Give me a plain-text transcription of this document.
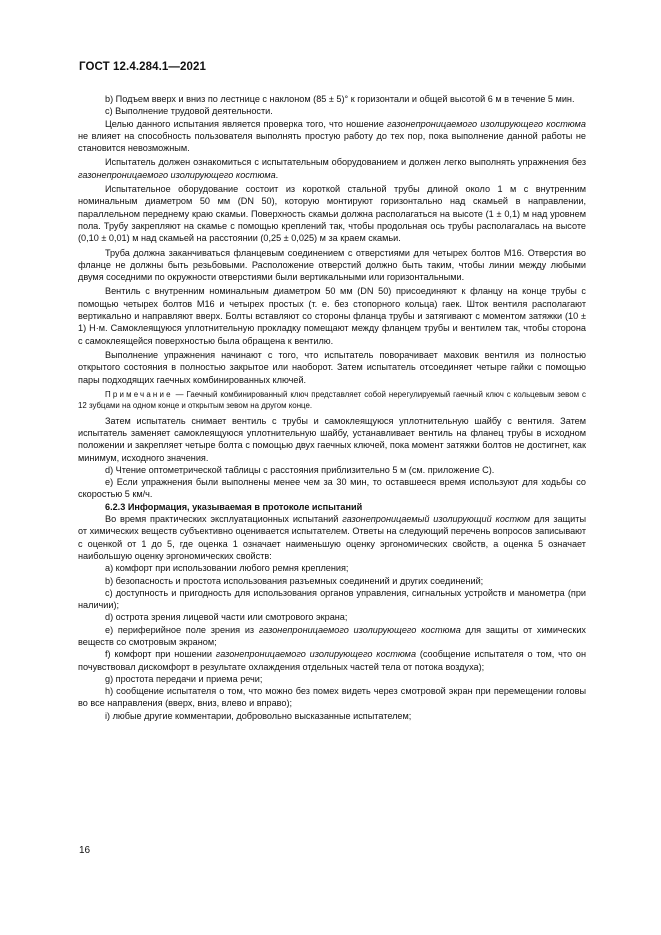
ГОСТ 12.4.284.1—2021

b) Подъем вверх и вниз по лестнице с наклоном (85 ± 5)° к горизонтали и общей высотой 6 м в течение 5 мин.

c) Выполнение трудовой деятельности.

Целью данного испытания является проверка того, что ношение газонепроницаемого изолирующего костюма не влияет на способность пользователя выполнять простую работу до тех пор, пока выполнение данной работы не становится невозможным.

Испытатель должен ознакомиться с испытательным оборудованием и должен легко выполнять упражнения без газонепроницаемого изолирующего костюма.

Испытательное оборудование состоит из короткой стальной трубы длиной около 1 м с внутренним номинальным диаметром 50 мм (DN 50), которую монтируют горизонтально над скамьей в направлении, параллельном переднему краю скамьи. Поверхность скамьи должна располагаться на высоте (1 ± 0,1) м над уровнем пола. Трубу закрепляют на скамье с помощью креплений так, чтобы продольная ось трубы располагалась на высоте (0,10 ± 0,01) м над скамьей на расстоянии (0,25 ± 0,025) м за краем скамьи.

Труба должна заканчиваться фланцевым соединением с отверстиями для четырех болтов М16. Отверстия во фланце не должны быть резьбовыми. Расположение отверстий должно быть таким, чтобы линии между любыми двумя соседними по окружности отверстиями были вертикальными или горизонтальными.

Вентиль с внутренним номинальным диаметром 50 мм (DN 50) присоединяют к фланцу на конце трубы с помощью четырех болтов М16 и четырех простых (т. е. без стопорного кольца) гаек. Шток вентиля располагают вертикально и направляют вверх. Болты вставляют со стороны фланца трубы и затягивают с моментом затяжки (10 ± 1) Н·м. Самоклеящуюся уплотнительную прокладку помещают между фланцем трубы и вентилем так, чтобы сторона с самоклеящейся поверхностью была обращена к вентилю.

Выполнение упражнения начинают с того, что испытатель поворачивает маховик вентиля из полностью открытого состояния в полностью закрытое или наоборот. Затем испытатель отсоединяет четыре гайки с помощью пары подходящих гаечных комбинированных ключей.

Примечание — Гаечный комбинированный ключ представляет собой нерегулируемый гаечный ключ с кольцевым зевом с 12 зубцами на одном конце и открытым зевом на другом конце.

Затем испытатель снимает вентиль с трубы и самоклеящуюся уплотнительную шайбу с вентиля. Затем испытатель заменяет самоклеящуюся уплотнительную шайбу, устанавливает вентиль на фланец трубы в исходном положении и закрепляет четыре болта с помощью двух гаечных ключей, пока момент затяжки болтов не достигнет, как минимум, исходного значения.

d) Чтение оптометрической таблицы с расстояния приблизительно 5 м (см. приложение С).

e) Если упражнения были выполнены менее чем за 30 мин, то оставшееся время используют для ходьбы со скоростью 5 км/ч.

6.2.3 Информация, указываемая в протоколе испытаний

Во время практических эксплуатационных испытаний газонепроницаемый изолирующий костюм для защиты от химических веществ субъективно оценивается испытателем. Ответы на следующий перечень вопросов записывают с оценкой от 1 до 5, где оценка 1 означает наименьшую оценку эргономических свойств, а оценка 5 означает наибольшую оценку эргономических свойств:

a) комфорт при использовании любого ремня крепления;

b) безопасность и простота использования разъемных соединений и других соединений;

c) доступность и пригодность для использования органов управления, сигнальных устройств и манометра (при наличии);

d) острота зрения лицевой части или смотрового экрана;

e) периферийное поле зрения из газонепроницаемого изолирующего костюма для защиты от химических веществ со смотровым экраном;

f) комфорт при ношении газонепроницаемого изолирующего костюма (сообщение испытателя о том, что он почувствовал дискомфорт в результате охлаждения отдельных частей тела от потока воздуха);

g) простота передачи и приема речи;

h) сообщение испытателя о том, что можно без помех видеть через смотровой экран при перемещении головы во все направления (вверх, вниз, влево и вправо);

i) любые другие комментарии, добровольно высказанные испытателем;

16
